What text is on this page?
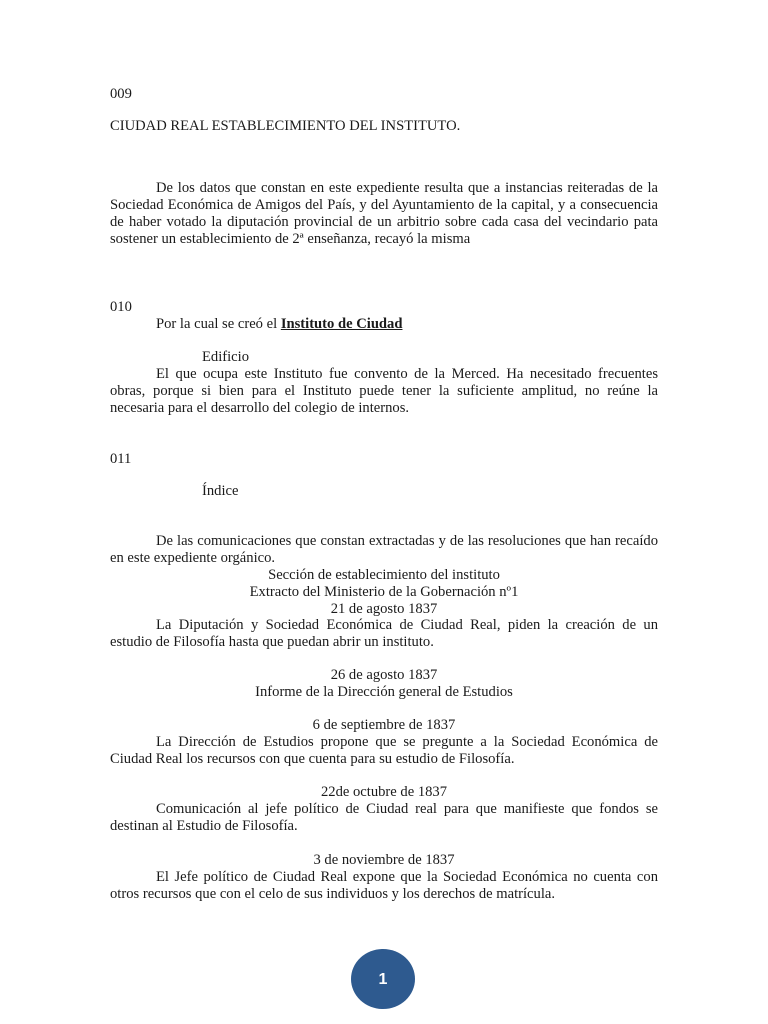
009

CIUDAD REAL ESTABLECIMIENTO DEL INSTITUTO.

De los datos que constan en este expediente resulta que a instancias reiteradas de la Sociedad Económica de Amigos del País, y del Ayuntamiento de la capital, y a consecuencia de haber votado la diputación provincial de un arbitrio sobre cada casa del vecindario pata sostener un establecimiento de 2ª enseñanza, recayó la misma

010

Por la cual se creó el Instituto de Ciudad

Edificio

El que ocupa este Instituto fue convento de la Merced. Ha necesitado frecuentes obras, porque si bien para el Instituto puede tener la suficiente amplitud, no reúne la necesaria para el desarrollo del colegio de internos.

011

Índice

De las comunicaciones que constan extractadas y de las resoluciones que han recaído en este expediente orgánico.

Sección de establecimiento del instituto

Extracto del Ministerio de la Gobernación nº1

21 de agosto 1837

La Diputación y Sociedad Económica de Ciudad Real, piden la creación de un estudio de Filosofía hasta que puedan abrir un instituto.

26 de agosto 1837

Informe de la Dirección general de Estudios

6 de septiembre de 1837

La Dirección de Estudios propone que se pregunte a la Sociedad Económica de Ciudad Real los recursos con que cuenta para su estudio de Filosofía.

22de octubre de 1837

Comunicación al jefe político de Ciudad real para que manifieste que fondos se destinan al Estudio de Filosofía.

3 de noviembre de 1837

El Jefe político de Ciudad Real expone que la Sociedad Económica no cuenta con otros recursos que con el celo de sus individuos y los derechos de matrícula.

1
